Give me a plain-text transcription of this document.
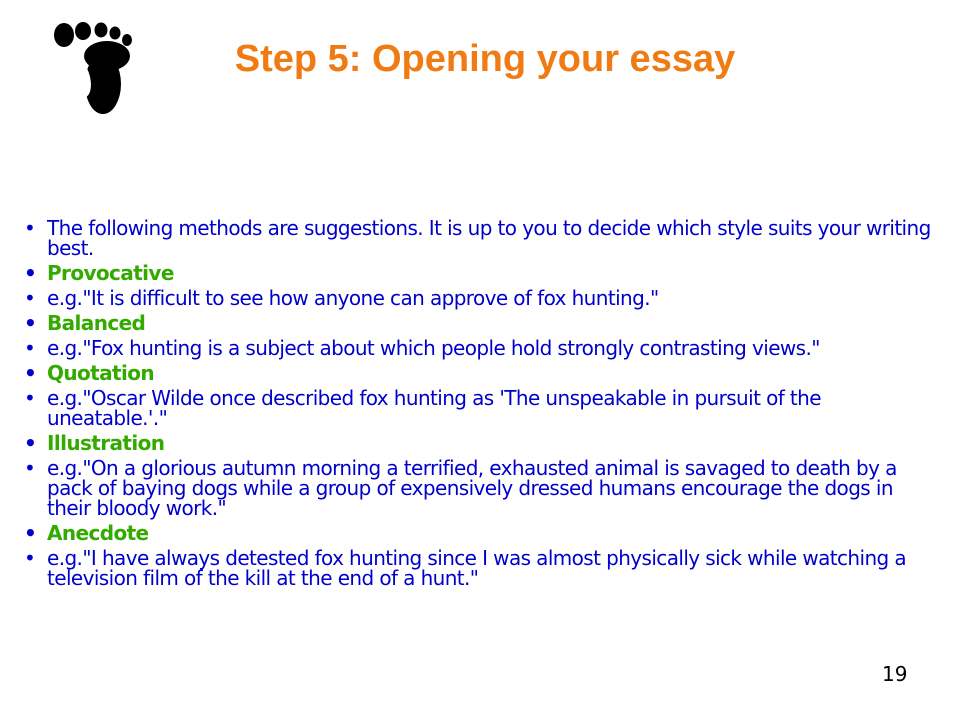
Step 5: Opening your essay
• The following methods are suggestions. It is up to you to decide which style suits your writing best.
• Provocative
• e.g."It is difficult to see how anyone can approve of fox hunting."
• Balanced
• e.g."Fox hunting is a subject about which people hold strongly contrasting views."
• Quotation
• e.g."Oscar Wilde once described fox hunting as 'The unspeakable in pursuit of the uneatable.'."
• Illustration
• e.g."On a glorious autumn morning a terrified, exhausted animal is savaged to death by a pack of baying dogs while a group of expensively dressed humans encourage the dogs in their bloody work."
• Anecdote
• e.g."I have always detested fox hunting since I was almost physically sick while watching a television film of the kill at the end of a hunt."
19
